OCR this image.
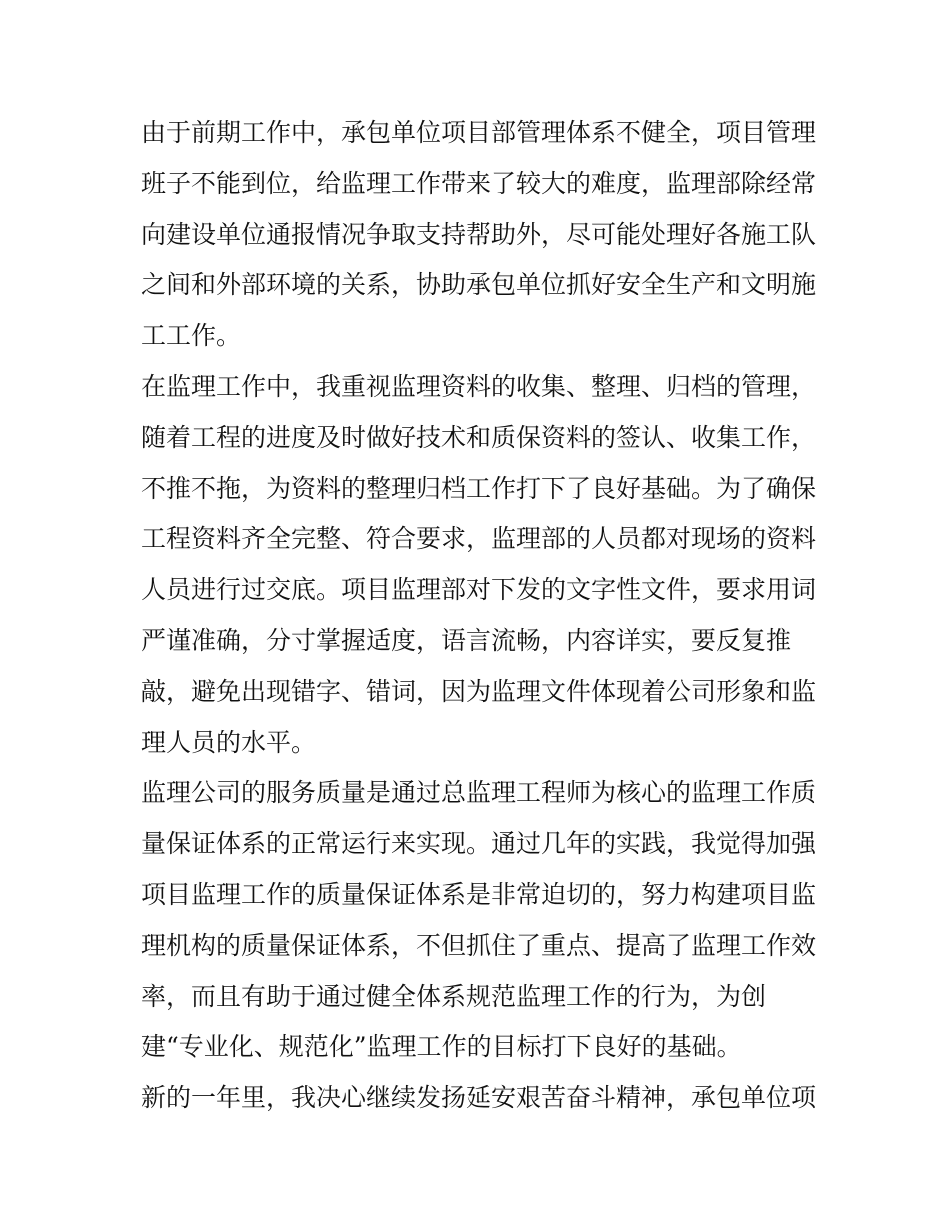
由于前期工作中，承包单位项目部管理体系不健全，项目管理
班子不能到位，给监理工作带来了较大的难度，监理部除经常
向建设单位通报情况争取支持帮助外，尽可能处理好各施工队
之间和外部环境的关系，协助承包单位抓好安全生产和文明施
工工作。
在监理工作中，我重视监理资料的收集、整理、归档的管理，
随着工程的进度及时做好技术和质保资料的签认、收集工作，
不推不拖，为资料的整理归档工作打下了良好基础。为了确保
工程资料齐全完整、符合要求，监理部的人员都对现场的资料
人员进行过交底。项目监理部对下发的文字性文件，要求用词
严谨准确，分寸掌握适度，语言流畅，内容详实，要反复推
敲，避免出现错字、错词，因为监理文件体现着公司形象和监
理人员的水平。
监理公司的服务质量是通过总监理工程师为核心的监理工作质
量保证体系的正常运行来实现。通过几年的实践，我觉得加强
项目监理工作的质量保证体系是非常迫切的，努力构建项目监
理机构的质量保证体系，不但抓住了重点、提高了监理工作效
率，而且有助于通过健全体系规范监理工作的行为，为创
建“专业化、规范化”监理工作的目标打下良好的基础。
新的一年里，我决心继续发扬延安艰苦奋斗精神，承包单位项
